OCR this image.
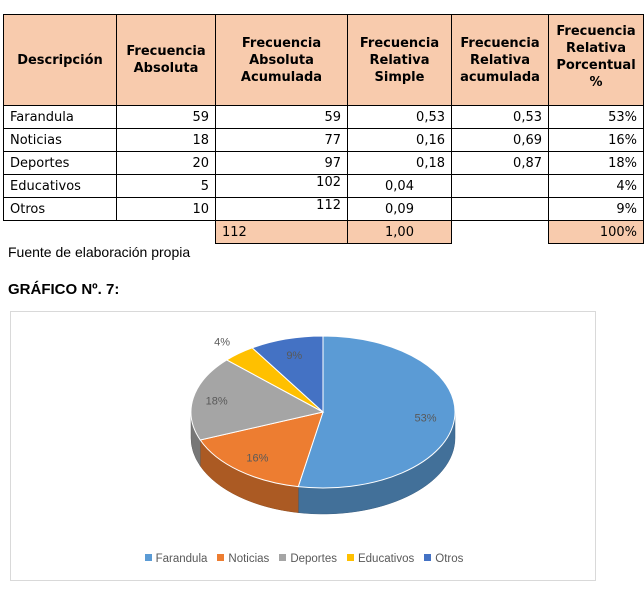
Descripción	Frecuencia Absoluta	Frecuencia Absoluta Acumulada	Frecuencia Relativa Simple	Frecuencia Relativa acumulada	Frecuencia Relativa Porcentual %
Farandula	59	59	0,53	0,53	53%
Noticias	18	77	0,16	0,69	16%
Deportes	20	97	0,18	0,87	18%
Educativos	5	102	0,04		4%
Otros	10	112	0,09		9%
		112	1,00		100%
Fuente de elaboración propia
GRÁFICO Nº. 7:
53%
16%
18%
4%
9%
Farandula Noticias Deportes Educativos Otros
